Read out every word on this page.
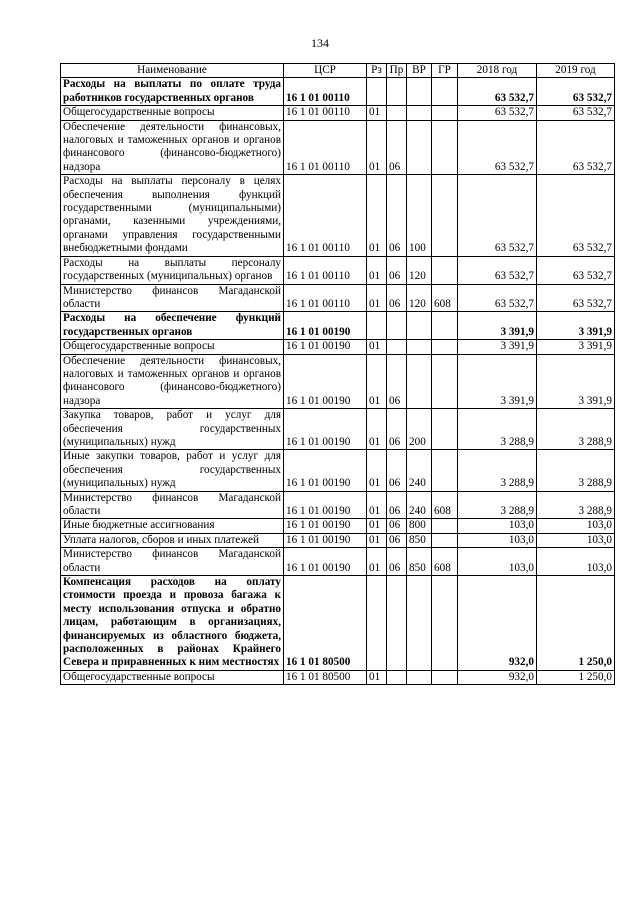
134
Наименование	ЦСР	Рз	Пр	ВР	ГР	2018 год	2019 год
Расходы на выплаты по оплате труда работников государственных органов	16 1 01 00110					63 532,7	63 532,7
Общегосударственные вопросы	16 1 01 00110	01				63 532,7	63 532,7
Обеспечение деятельности финансовых, налоговых и таможенных органов и органов финансового (финансово-бюджетного) надзора	16 1 01 00110	01	06			63 532,7	63 532,7
Расходы на выплаты персоналу в целях обеспечения выполнения функций государственными (муниципальными) органами, казенными учреждениями, органами управления государственными внебюджетными фондами	16 1 01 00110	01	06	100		63 532,7	63 532,7
Расходы на выплаты персоналу государственных (муниципальных) органов	16 1 01 00110	01	06	120		63 532,7	63 532,7
Министерство финансов Магаданской области	16 1 01 00110	01	06	120	608	63 532,7	63 532,7
Расходы на обеспечение функций государственных органов	16 1 01 00190					3 391,9	3 391,9
Общегосударственные вопросы	16 1 01 00190	01				3 391,9	3 391,9
Обеспечение деятельности финансовых, налоговых и таможенных органов и органов финансового (финансово-бюджетного) надзора	16 1 01 00190	01	06			3 391,9	3 391,9
Закупка товаров, работ и услуг для обеспечения государственных (муниципальных) нужд	16 1 01 00190	01	06	200		3 288,9	3 288,9
Иные закупки товаров, работ и услуг для обеспечения государственных (муниципальных) нужд	16 1 01 00190	01	06	240		3 288,9	3 288,9
Министерство финансов Магаданской области	16 1 01 00190	01	06	240	608	3 288,9	3 288,9
Иные бюджетные ассигнования	16 1 01 00190	01	06	800		103,0	103,0
Уплата налогов, сборов и иных платежей	16 1 01 00190	01	06	850		103,0	103,0
Министерство финансов Магаданской области	16 1 01 00190	01	06	850	608	103,0	103,0
Компенсация расходов на оплату стоимости проезда и провоза багажа к месту использования отпуска и обратно лицам, работающим в организациях, финансируемых из областного бюджета, расположенных в районах Крайнего Севера и приравненных к ним местностях	16 1 01 80500					932,0	1 250,0
Общегосударственные вопросы	16 1 01 80500	01				932,0	1 250,0
